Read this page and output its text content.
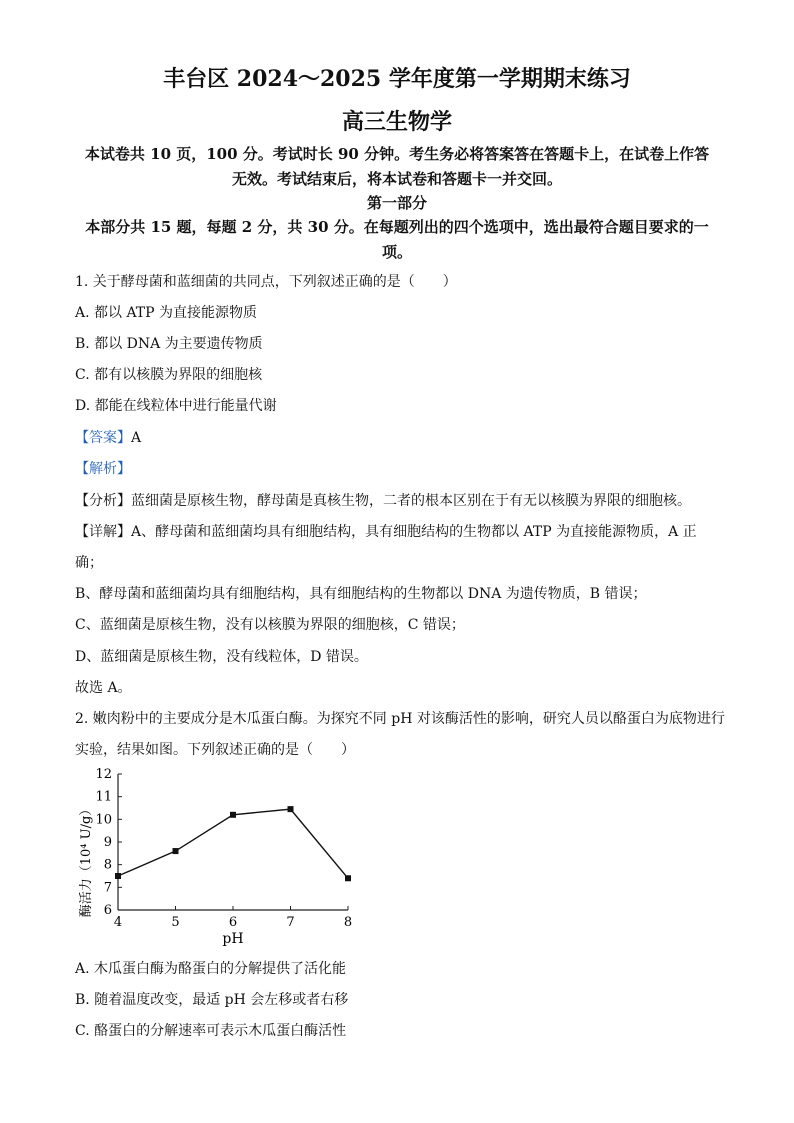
丰台区 2024～2025 学年度第一学期期末练习
高三生物学
本试卷共 10 页，100 分。考试时长 90 分钟。考生务必将答案答在答题卡上，在试卷上作答
无效。考试结束后，将本试卷和答题卡一并交回。
第一部分
本部分共 15 题，每题 2 分，共 30 分。在每题列出的四个选项中，选出最符合题目要求的一
项。
1. 关于酵母菌和蓝细菌的共同点，下列叙述正确的是（　　）
A. 都以 ATP 为直接能源物质
B. 都以 DNA 为主要遗传物质
C. 都有以核膜为界限的细胞核
D. 都能在线粒体中进行能量代谢
【答案】A
【解析】
【分析】蓝细菌是原核生物，酵母菌是真核生物，二者的根本区别在于有无以核膜为界限的细胞核。
【详解】A、酵母菌和蓝细菌均具有细胞结构，具有细胞结构的生物都以 ATP 为直接能源物质，A 正
确；
B、酵母菌和蓝细菌均具有细胞结构，具有细胞结构的生物都以 DNA 为遗传物质，B 错误；
C、蓝细菌是原核生物，没有以核膜为界限的细胞核，C 错误；
D、蓝细菌是原核生物，没有线粒体，D 错误。
故选 A。
2. 嫩肉粉中的主要成分是木瓜蛋白酶。为探究不同 pH 对该酶活性的影响，研究人员以酪蛋白为底物进行
实验，结果如图。下列叙述正确的是（　　）
4	5	6	7	8
6
7
8
9
10
11
12
pH
酶活力（10⁴ U/g）
A. 木瓜蛋白酶为酪蛋白的分解提供了活化能
B. 随着温度改变，最适 pH 会左移或者右移
C. 酪蛋白的分解速率可表示木瓜蛋白酶活性
